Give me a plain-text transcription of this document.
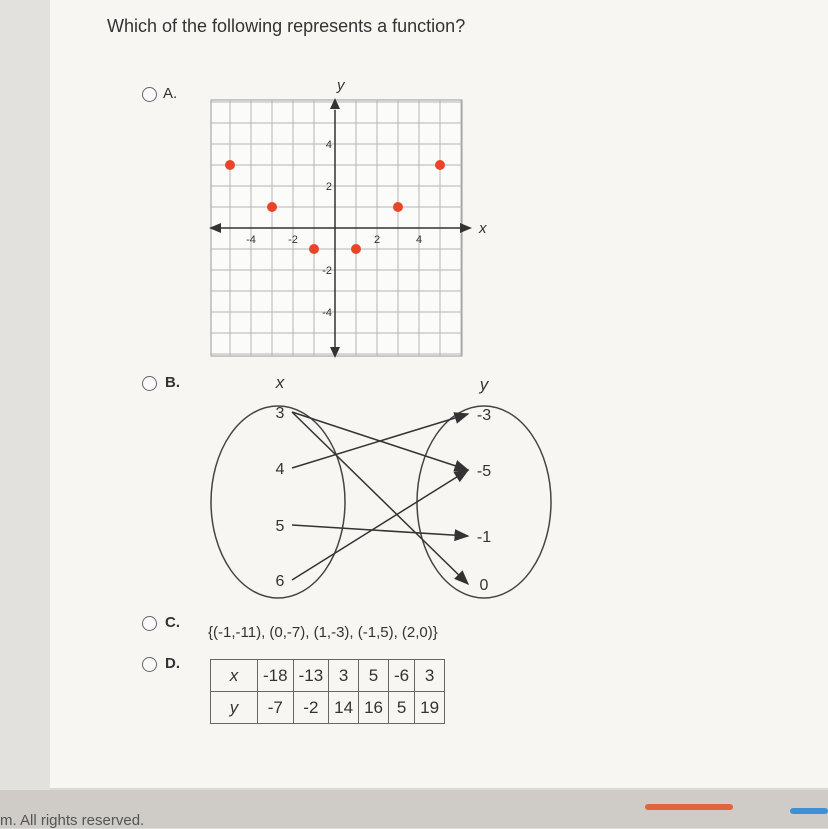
Which of the following represents a function?
A.
x
y
-4	-2	2	4
4
2
-2
-4
B.	x	y
3
4
5
6
-3
-5
-1
0
C.
{(-1,-11), (0,-7), (1,-3), (-1,5), (2,0)}
D.
x	-18	-13	3	5	-6	3
y	-7	-2	14	16	5	19
m. All rights reserved.
